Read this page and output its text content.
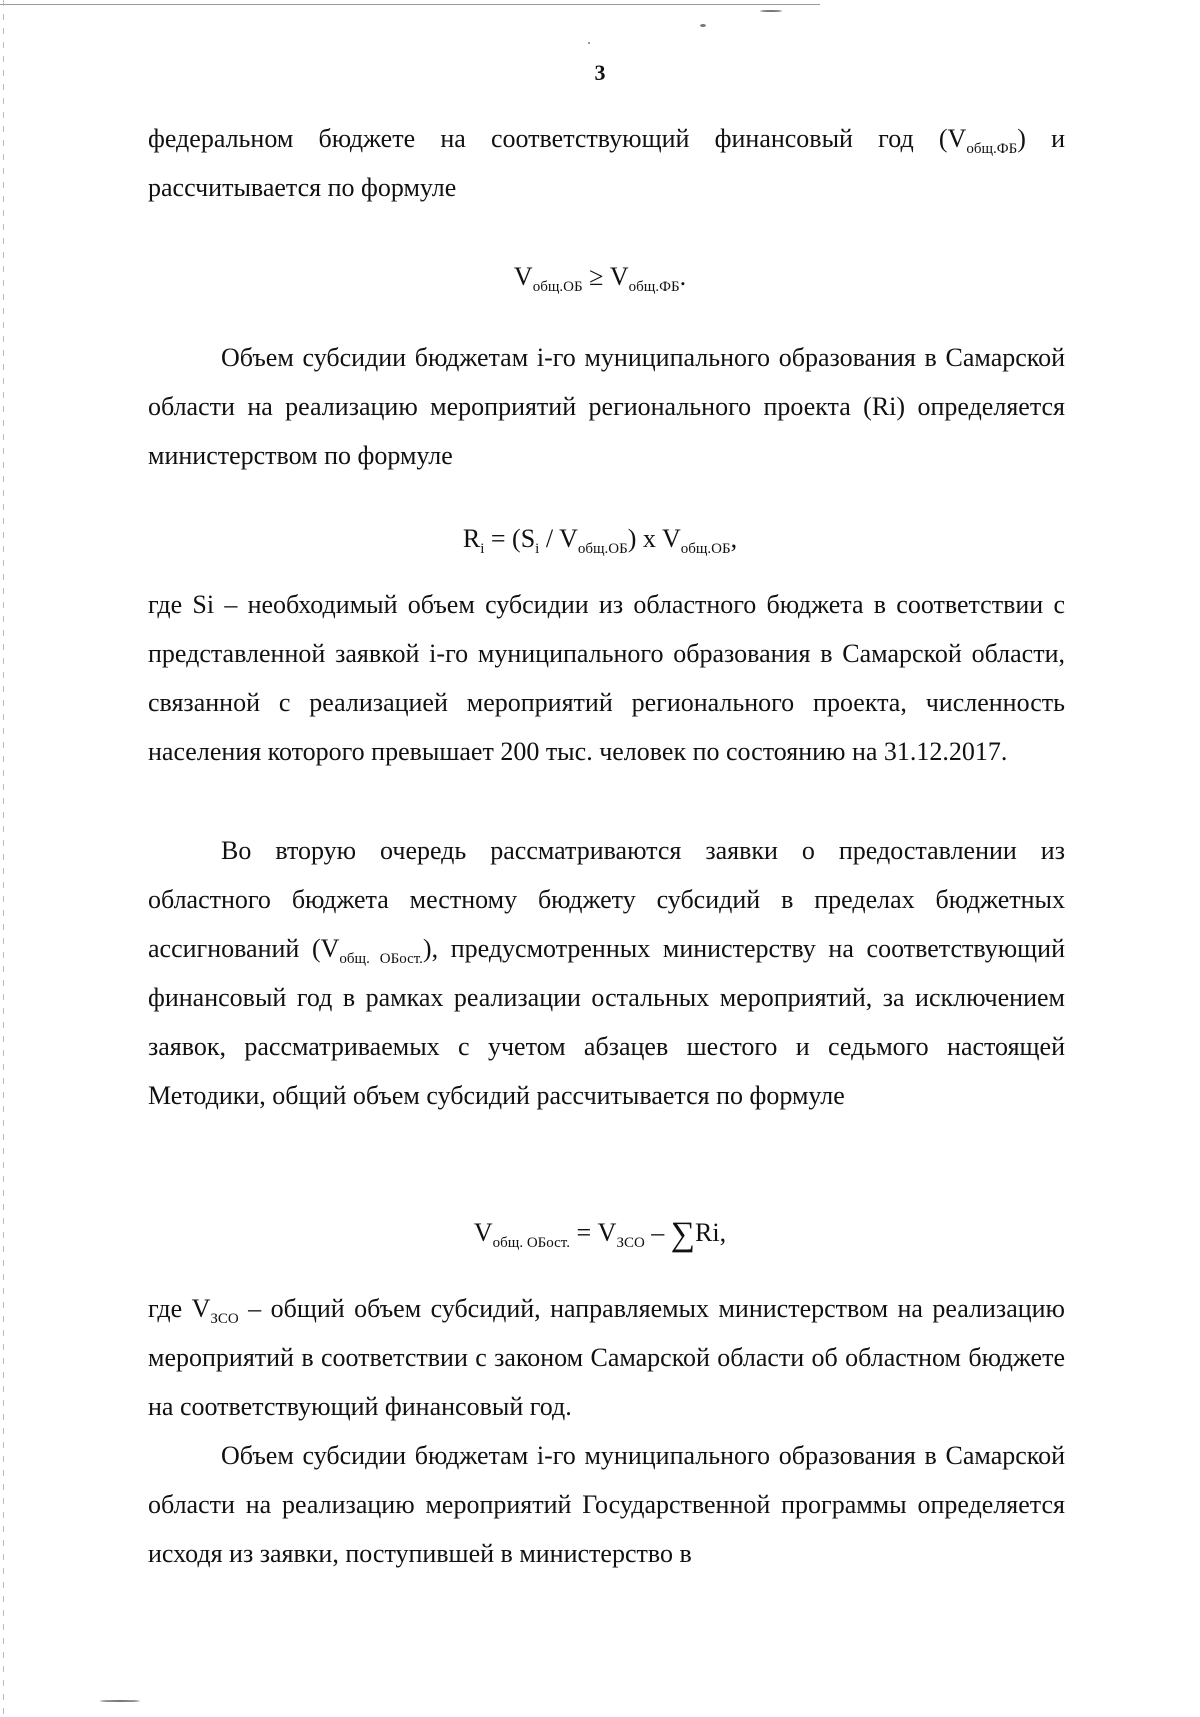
3

федеральном бюджете на соответствующий финансовый год $(V_{общ.ФБ})$ и рассчитывается по формуле

$V_{общ.ОБ} \ge V_{общ.ФБ}$.

Объем субсидии бюджетам i-го муниципального образования в Самарской области на реализацию мероприятий регионального проекта (Ri) определяется министерством по формуле

$R_i = (S_i / V_{общ.ОБ})$ x $V_{общ.ОБ}$,

где Si – необходимый объем субсидии из областного бюджета в соответствии с представленной заявкой i-го муниципального образования в Самарской области, связанной с реализацией мероприятий регионального проекта, численность населения которого превышает 200 тыс. человек по состоянию на 31.12.2017.

Во вторую очередь рассматриваются заявки о предоставлении из областного бюджета местному бюджету субсидий в пределах бюджетных ассигнований $(V_{общ. ОБост.})$, предусмотренных министерству на соответствующий финансовый год в рамках реализации остальных мероприятий, за исключением заявок, рассматриваемых с учетом абзацев шестого и седьмого настоящей Методики, общий объем субсидий рассчитывается по формуле

$V_{общ. ОБост.} = V_{ЗСО} - \sum Ri$,

где $V_{ЗСО}$ – общий объем субсидий, направляемых министерством на реализацию мероприятий в соответствии с законом Самарской области об областном бюджете на соответствующий финансовый год.

Объем субсидии бюджетам i-го муниципального образования в Самарской области на реализацию мероприятий Государственной программы определяется исходя из заявки, поступившей в министерство в
